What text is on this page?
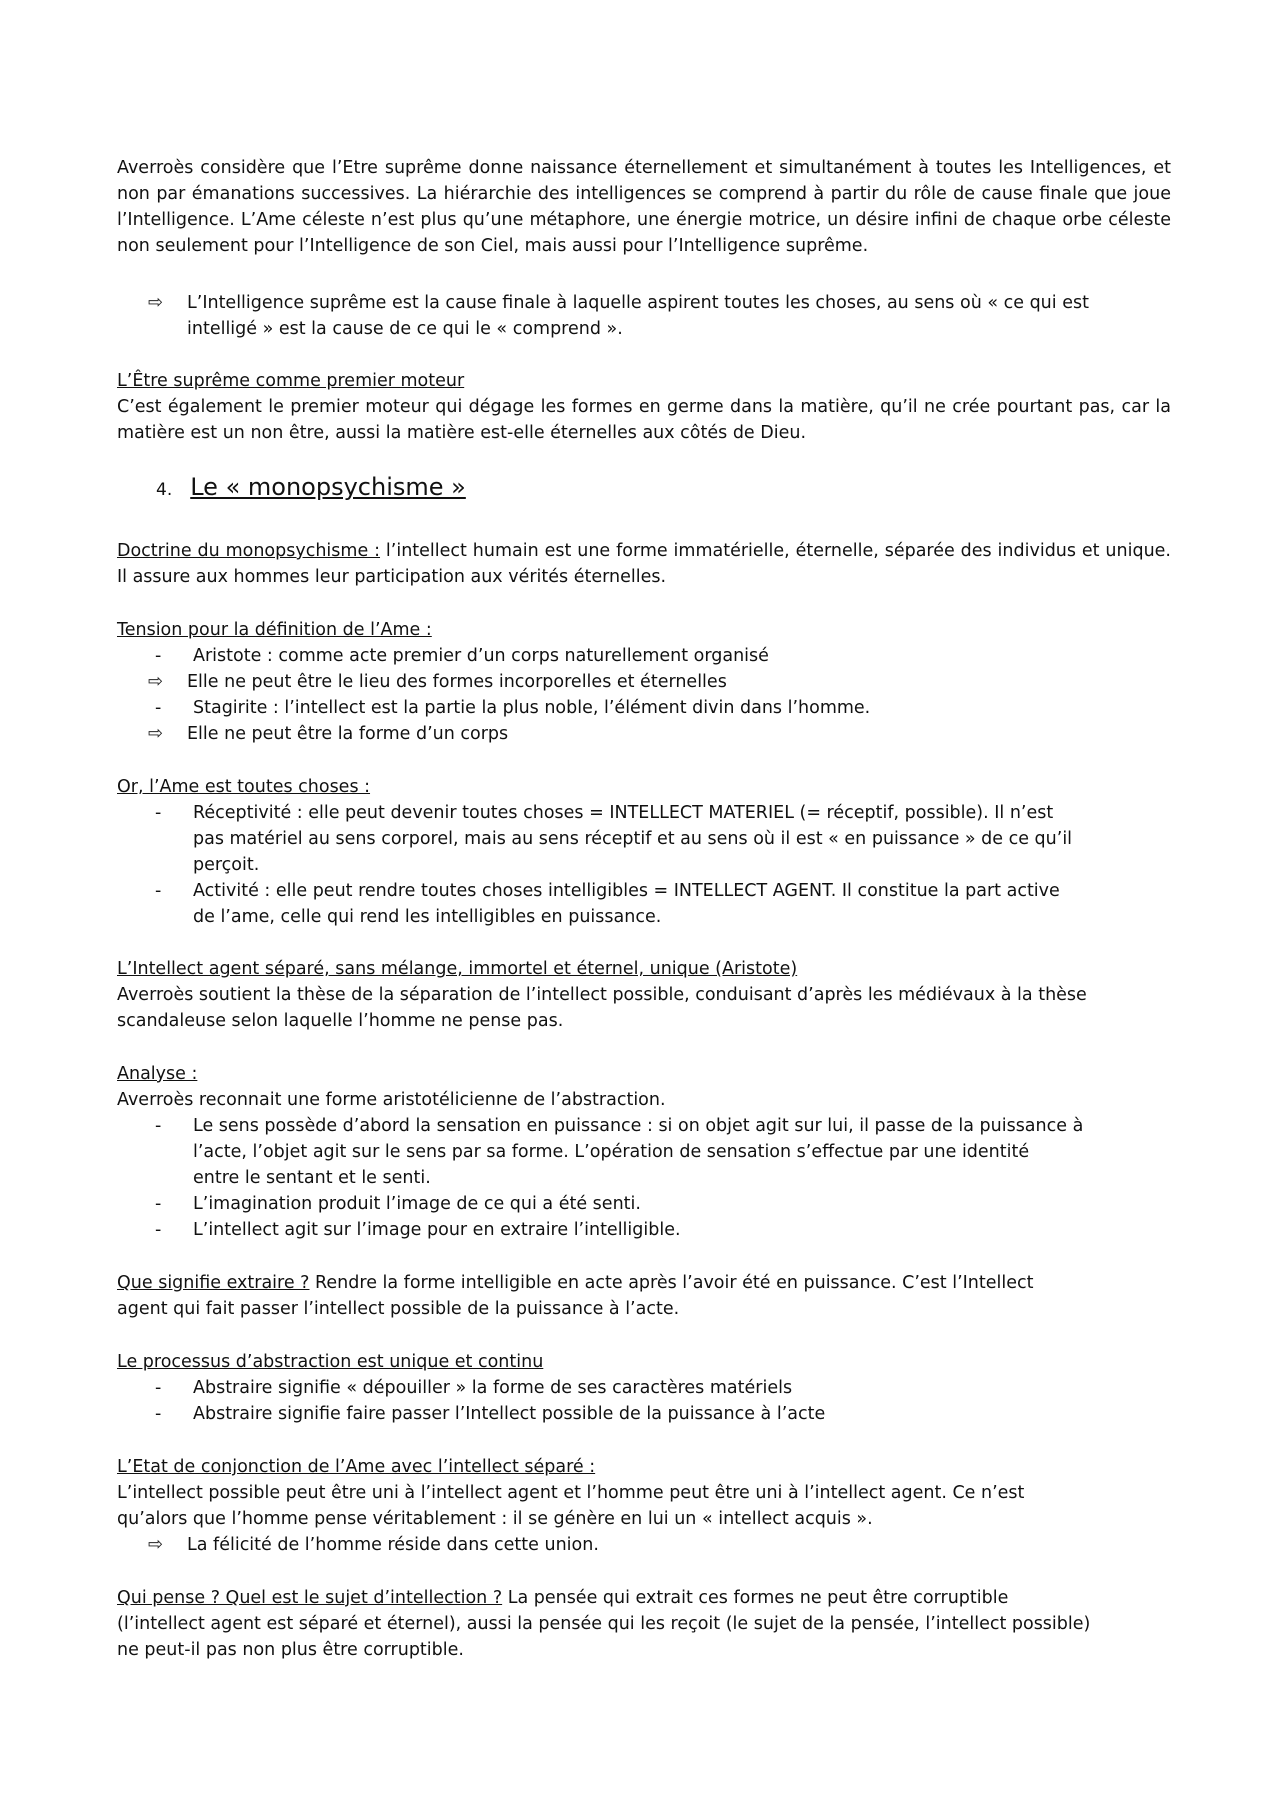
Averroès considère que l’Etre suprême donne naissance éternellement et simultanément à toutes les Intelligences, et non par émanations successives. La hiérarchie des intelligences se comprend à partir du rôle de cause finale que joue l’Intelligence. L’Ame céleste n’est plus qu’une métaphore, une énergie motrice, un désire infini de chaque orbe céleste non seulement pour l’Intelligence de son Ciel, mais aussi pour l’Intelligence suprême.

⇨	L’Intelligence suprême est la cause finale à laquelle aspirent toutes les choses, au sens où « ce qui est
intelligé » est la cause de ce qui le « comprend ».
L’Être suprême comme premier moteur

C’est également le premier moteur qui dégage les formes en germe dans la matière, qu’il ne crée pourtant pas, car la matière est un non être, aussi la matière est-elle éternelles aux côtés de Dieu.

4. Le « monopsychisme »

Doctrine du monopsychisme : l’intellect humain est une forme immatérielle, éternelle, séparée des individus et unique. Il assure aux hommes leur participation aux vérités éternelles.

Tension pour la définition de l’Ame :
-	Aristote : comme acte premier d’un corps naturellement organisé
⇨	Elle ne peut être le lieu des formes incorporelles et éternelles
-	Stagirite : l’intellect est la partie la plus noble, l’élément divin dans l’homme.
⇨	Elle ne peut être la forme d’un corps
Or, l’Ame est toutes choses :
-	Réceptivité : elle peut devenir toutes choses = INTELLECT MATERIEL (= réceptif, possible). Il n’est
pas matériel au sens corporel, mais au sens réceptif et au sens où il est « en puissance » de ce qu’il
perçoit.
-	Activité : elle peut rendre toutes choses intelligibles = INTELLECT AGENT. Il constitue la part active
de l’ame, celle qui rend les intelligibles en puissance.
L’Intellect agent séparé, sans mélange, immortel et éternel, unique (Aristote)

Averroès soutient la thèse de la séparation de l’intellect possible, conduisant d’après les médiévaux à la thèse scandaleuse selon laquelle l’homme ne pense pas.

Analyse :
Averroès reconnait une forme aristotélicienne de l’abstraction.
-	Le sens possède d’abord la sensation en puissance : si on objet agit sur lui, il passe de la puissance à
l’acte, l’objet agit sur le sens par sa forme. L’opération de sensation s’effectue par une identité
entre le sentant et le senti.
-	L’imagination produit l’image de ce qui a été senti.
-	L’intellect agit sur l’image pour en extraire l’intelligible.
Que signifie extraire ? Rendre la forme intelligible en acte après l’avoir été en puissance. C’est l’Intellect
agent qui fait passer l’intellect possible de la puissance à l’acte.
Le processus d’abstraction est unique et continu
-	Abstraire signifie « dépouiller » la forme de ses caractères matériels
-	Abstraire signifie faire passer l’Intellect possible de la puissance à l’acte
L’Etat de conjonction de l’Ame avec l’intellect séparé :
L’intellect possible peut être uni à l’intellect agent et l’homme peut être uni à l’intellect agent. Ce n’est
qu’alors que l’homme pense véritablement : il se génère en lui un « intellect acquis ».
⇨	La félicité de l’homme réside dans cette union.
Qui pense ? Quel est le sujet d’intellection ? La pensée qui extrait ces formes ne peut être corruptible
(l’intellect agent est séparé et éternel), aussi la pensée qui les reçoit (le sujet de la pensée, l’intellect possible)
ne peut-il pas non plus être corruptible.
